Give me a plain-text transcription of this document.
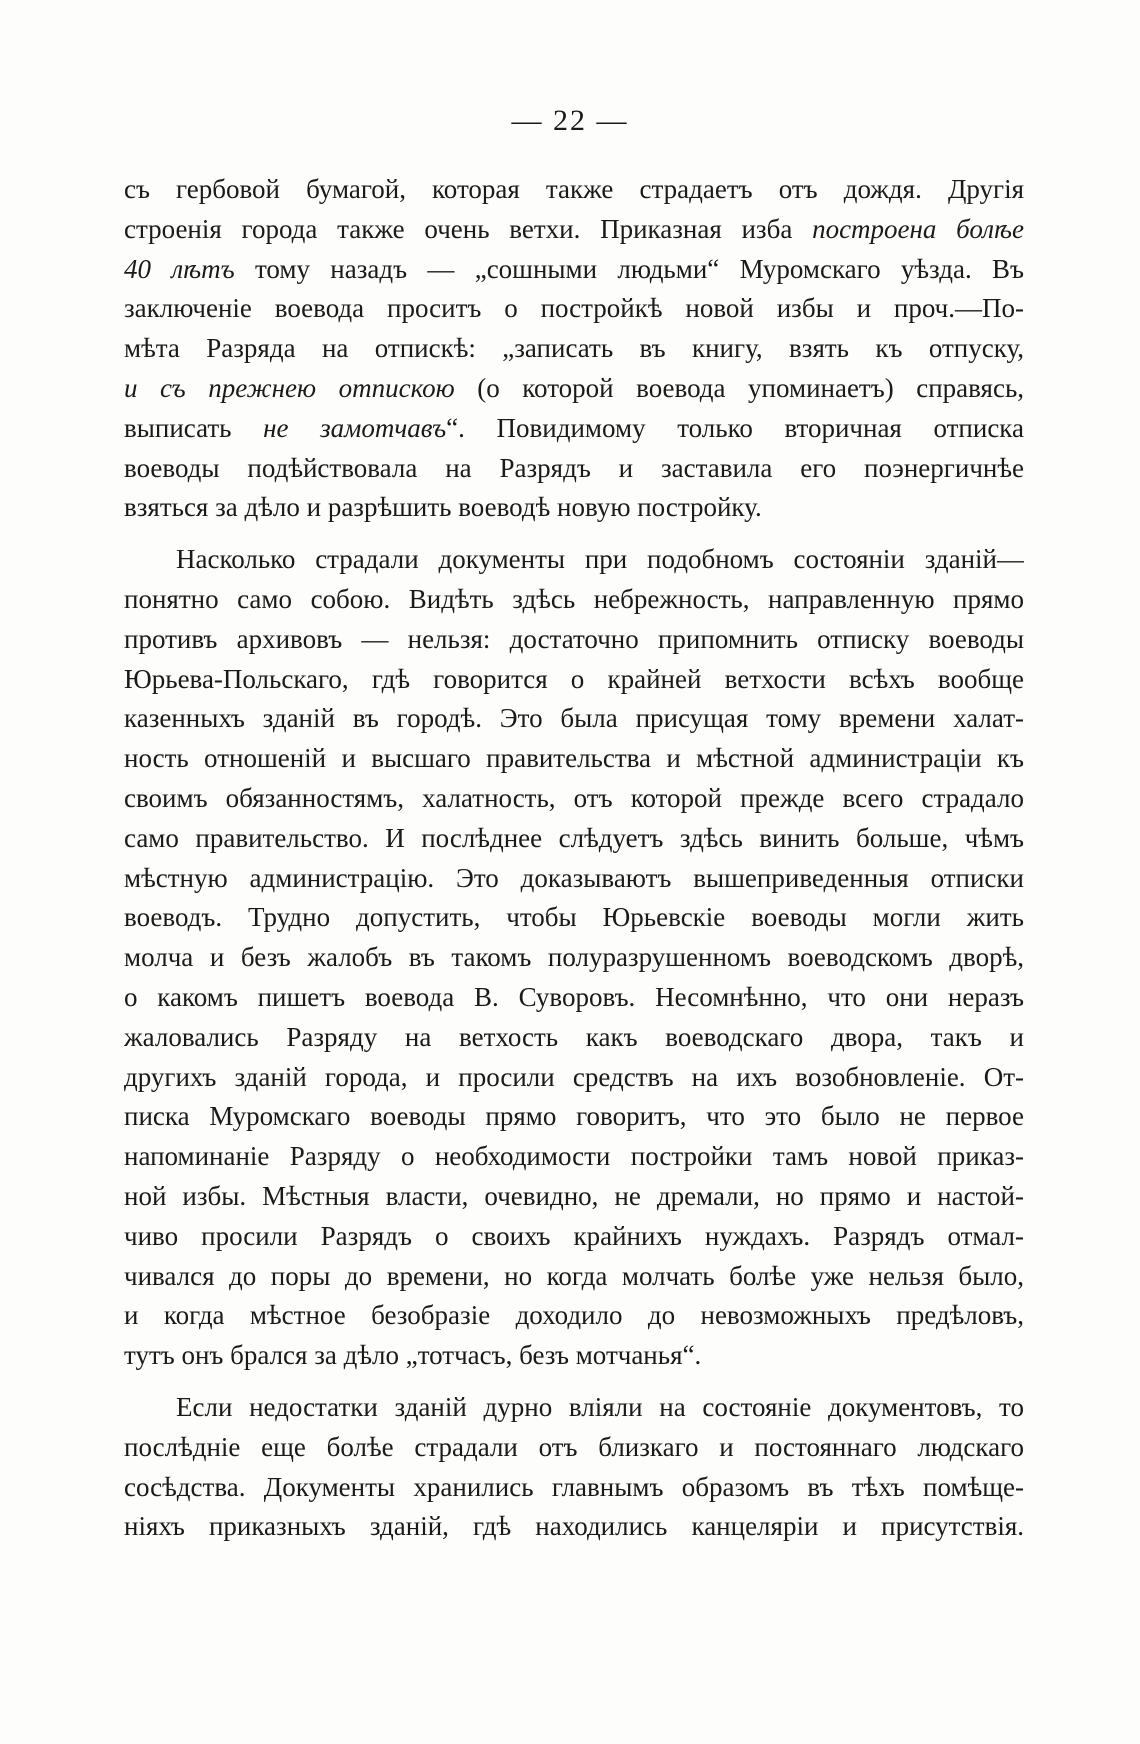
— 22 —
съ гербовой бумагой, которая также страдаетъ отъ дождя. Другія
строенія города также очень ветхи. Приказная изба построена болѣе
40 лѣтъ тому назадъ — „сошными людьми“ Муромскаго уѣзда. Въ
заключеніе воевода проситъ о постройкѣ новой избы и проч.—По-
мѣта Разряда на отпискѣ: „записать въ книгу, взять къ отпуску,
и съ прежнею отпискою (о которой воевода упоминаетъ) справясь,
выписать не замотчавъ“. Повидимому только вторичная отписка
воеводы подѣйствовала на Разрядъ и заставила его поэнергичнѣе
взяться за дѣло и разрѣшить воеводѣ новую постройку.
Насколько страдали документы при подобномъ состояніи зданій—
понятно само собою. Видѣть здѣсь небрежность, направленную прямо
противъ архивовъ — нельзя: достаточно припомнить отписку воеводы
Юрьева-Польскаго, гдѣ говорится о крайней ветхости всѣхъ вообще
казенныхъ зданій въ городѣ. Это была присущая тому времени халат-
ность отношеній и высшаго правительства и мѣстной администраціи къ
своимъ обязанностямъ, халатность, отъ которой прежде всего страдало
само правительство. И послѣднее слѣдуетъ здѣсь винить больше, чѣмъ
мѣстную администрацію. Это доказываютъ вышеприведенныя отписки
воеводъ. Трудно допустить, чтобы Юрьевскіе воеводы могли жить
молча и безъ жалобъ въ такомъ полуразрушенномъ воеводскомъ дворѣ,
о какомъ пишетъ воевода В. Суворовъ. Несомнѣнно, что они неразъ
жаловались Разряду на ветхость какъ воеводскаго двора, такъ и
другихъ зданій города, и просили средствъ на ихъ возобновленіе. От-
писка Муромскаго воеводы прямо говоритъ, что это было не первое
напоминаніе Разряду о необходимости постройки тамъ новой приказ-
ной избы. Мѣстныя власти, очевидно, не дремали, но прямо и настой-
чиво просили Разрядъ о своихъ крайнихъ нуждахъ. Разрядъ отмал-
чивался до поры до времени, но когда молчать болѣе уже нельзя было,
и когда мѣстное безобразіе доходило до невозможныхъ предѣловъ,
тутъ онъ брался за дѣло „тотчасъ, безъ мотчанья“.
Если недостатки зданій дурно вліяли на состояніе документовъ, то
послѣдніе еще болѣе страдали отъ близкаго и постояннаго людскаго
сосѣдства. Документы хранились главнымъ образомъ въ тѣхъ помѣще-
ніяхъ приказныхъ зданій, гдѣ находились канцеляріи и присутствія.
